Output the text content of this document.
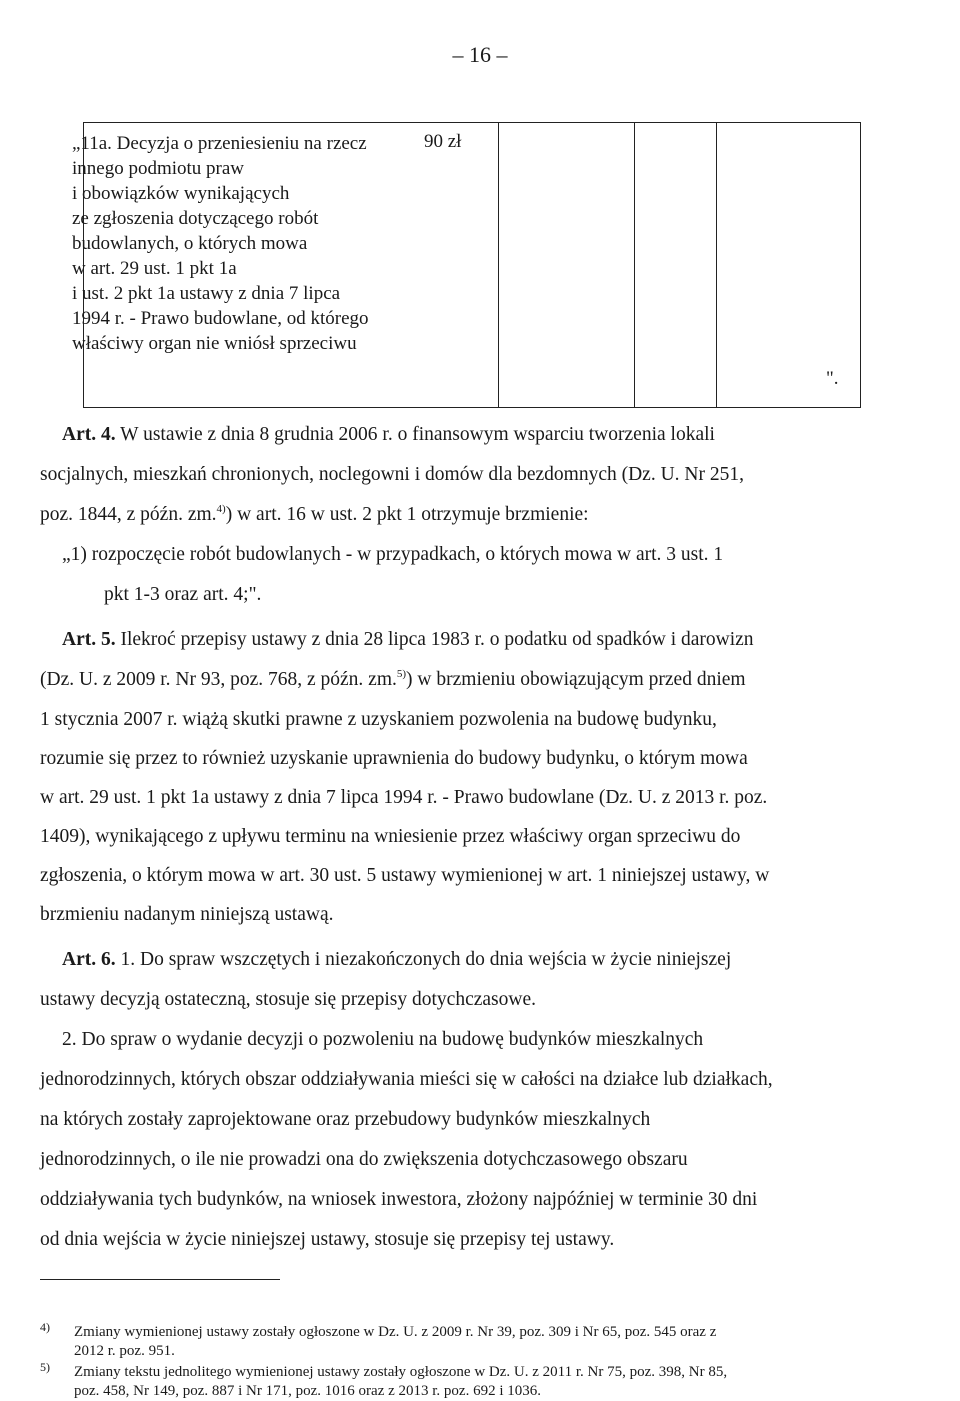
– 16 –
„11a. Decyzja o przeniesieniu na rzecz
innego podmiotu praw
i obowiązków wynikających
ze zgłoszenia dotyczącego robót
budowlanych, o których mowa
w art. 29 ust. 1 pkt 1a
i ust. 2 pkt 1a ustawy z dnia 7 lipca
1994 r. - Prawo budowlane, od którego
właściwy organ nie wniósł sprzeciwu
90 zł
".
Art. 4. W ustawie z dnia 8 grudnia 2006 r. o finansowym wsparciu tworzenia lokali
socjalnych, mieszkań chronionych, noclegowni i domów dla bezdomnych (Dz. U. Nr 251,
poz. 1844, z późn. zm.$^{4)}$) w art. 16 w ust. 2 pkt 1 otrzymuje brzmienie:
„1) rozpoczęcie robót budowlanych - w przypadkach, o których mowa w art. 3 ust. 1
pkt 1-3 oraz art. 4;".
Art. 5. Ilekroć przepisy ustawy z dnia 28 lipca 1983 r. o podatku od spadków i darowizn
(Dz. U. z 2009 r. Nr 93, poz. 768, z późn. zm.$^{5)}$) w brzmieniu obowiązującym przed dniem
1 stycznia 2007 r. wiążą skutki prawne z uzyskaniem pozwolenia na budowę budynku,
rozumie się przez to również uzyskanie uprawnienia do budowy budynku, o którym mowa
w art. 29 ust. 1 pkt 1a ustawy z dnia 7 lipca 1994 r. - Prawo budowlane (Dz. U. z 2013 r. poz.
1409), wynikającego z upływu terminu na wniesienie przez właściwy organ sprzeciwu do
zgłoszenia, o którym mowa w art. 30 ust. 5 ustawy wymienionej w art. 1 niniejszej ustawy, w
brzmieniu nadanym niniejszą ustawą.
Art. 6. 1. Do spraw wszczętych i niezakończonych do dnia wejścia w życie niniejszej
ustawy decyzją ostateczną, stosuje się przepisy dotychczasowe.
2. Do spraw o wydanie decyzji o pozwoleniu na budowę budynków mieszkalnych
jednorodzinnych, których obszar oddziaływania mieści się w całości na działce lub działkach,
na których zostały zaprojektowane oraz przebudowy budynków mieszkalnych
jednorodzinnych, o ile nie prowadzi ona do zwiększenia dotychczasowego obszaru
oddziaływania tych budynków, na wniosek inwestora, złożony najpóźniej w terminie 30 dni
od dnia wejścia w życie niniejszej ustawy, stosuje się przepisy tej ustawy.
4) Zmiany wymienionej ustawy zostały ogłoszone w Dz. U. z 2009 r. Nr 39, poz. 309 i Nr 65, poz. 545 oraz z
2012 r. poz. 951.
5) Zmiany tekstu jednolitego wymienionej ustawy zostały ogłoszone w Dz. U. z 2011 r. Nr 75, poz. 398, Nr 85,
poz. 458, Nr 149, poz. 887 i Nr 171, poz. 1016 oraz z 2013 r. poz. 692 i 1036.
